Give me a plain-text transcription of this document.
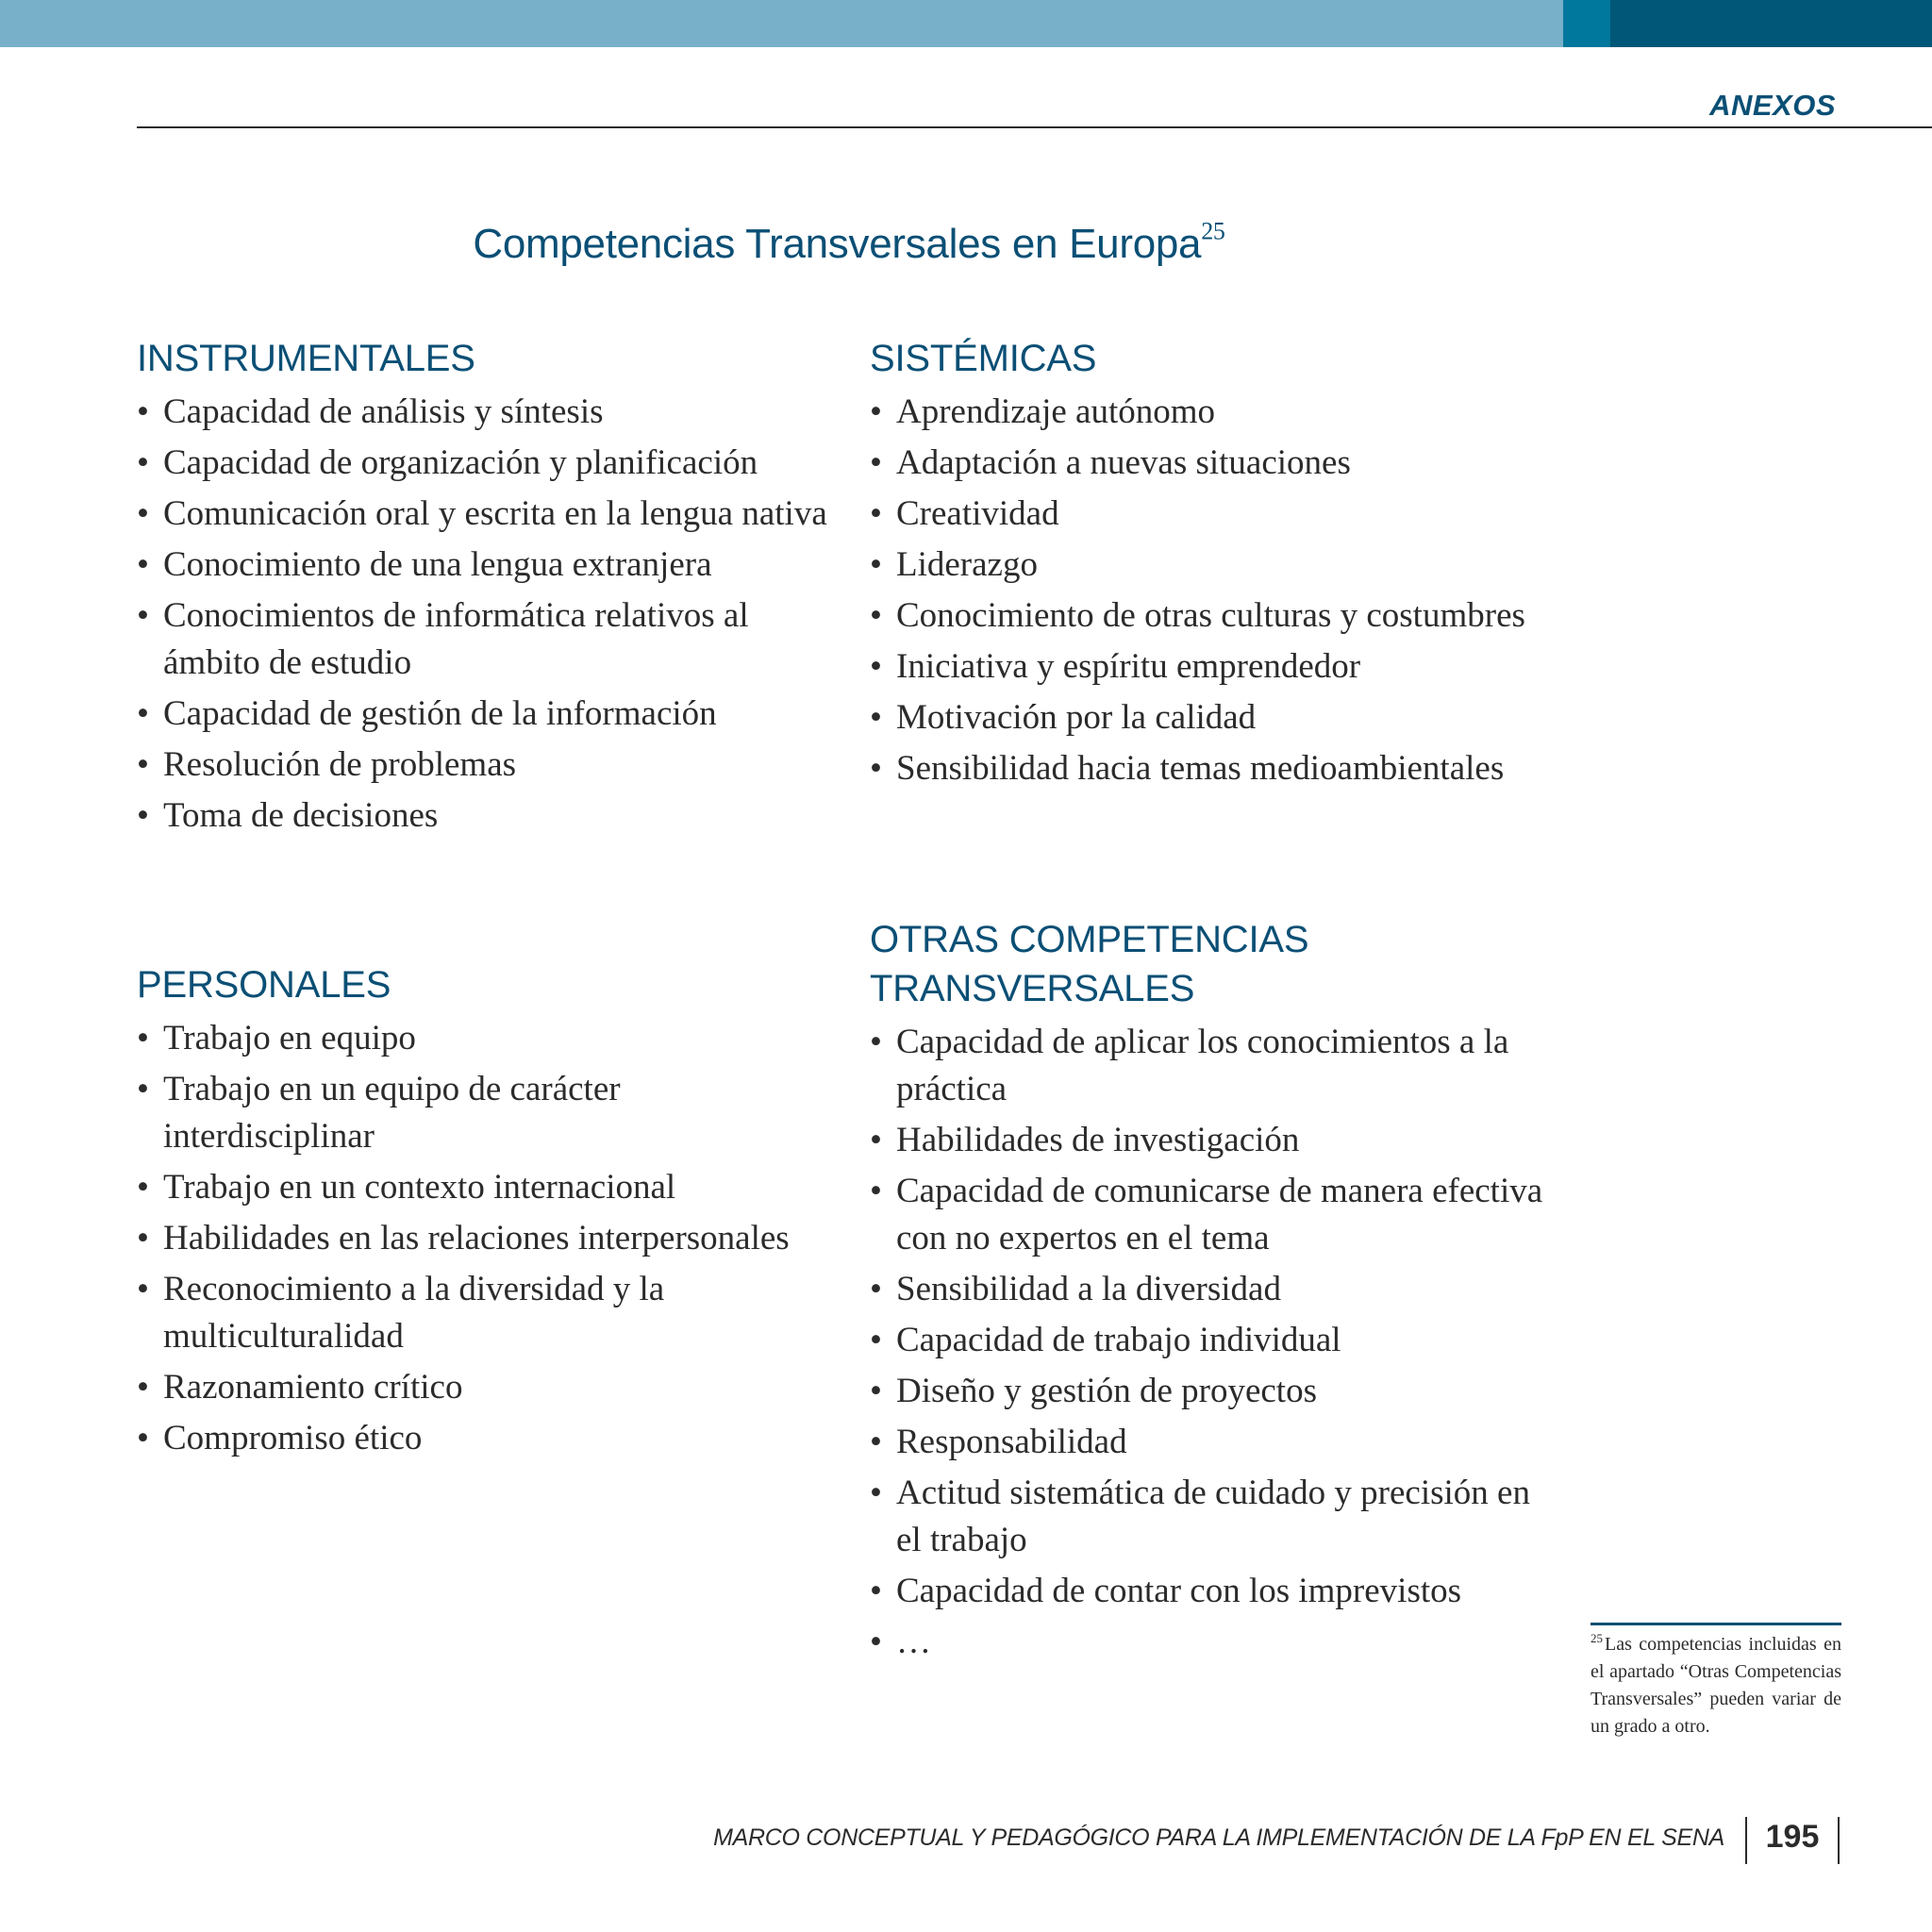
ANEXOS
Competencias Transversales en Europa$^{25}$
INSTRUMENTALES
• Capacidad de análisis y síntesis
• Capacidad de organización y planificación
• Comunicación oral y escrita en la lengua nativa
• Conocimiento de una lengua extranjera
• Conocimientos de informática relativos al ámbito de estudio
• Capacidad de gestión de la información
• Resolución de problemas
• Toma de decisiones
PERSONALES
• Trabajo en equipo
• Trabajo en un equipo de carácter interdisciplinar
• Trabajo en un contexto internacional
• Habilidades en las relaciones interpersonales
• Reconocimiento a la diversidad y la multiculturalidad
• Razonamiento crítico
• Compromiso ético
SISTÉMICAS
• Aprendizaje autónomo
• Adaptación a nuevas situaciones
• Creatividad
• Liderazgo
• Conocimiento de otras culturas y costumbres
• Iniciativa y espíritu emprendedor
• Motivación por la calidad
• Sensibilidad hacia temas medioambientales
OTRAS COMPETENCIAS TRANSVERSALES
• Capacidad de aplicar los conocimientos a la práctica
• Habilidades de investigación
• Capacidad de comunicarse de manera efectiva con no expertos en el tema
• Sensibilidad a la diversidad
• Capacidad de trabajo individual
• Diseño y gestión de proyectos
• Responsabilidad
• Actitud sistemática de cuidado y precisión en el trabajo
• Capacidad de contar con los imprevistos
• …	$^{25}$ Las competencias incluidas en el apartado “Otras Competencias Transversales” pueden variar de un grado a otro.
MARCO CONCEPTUAL Y PEDAGÓGICO PARA LA IMPLEMENTACIÓN DE LA FpP EN EL SENA	195
